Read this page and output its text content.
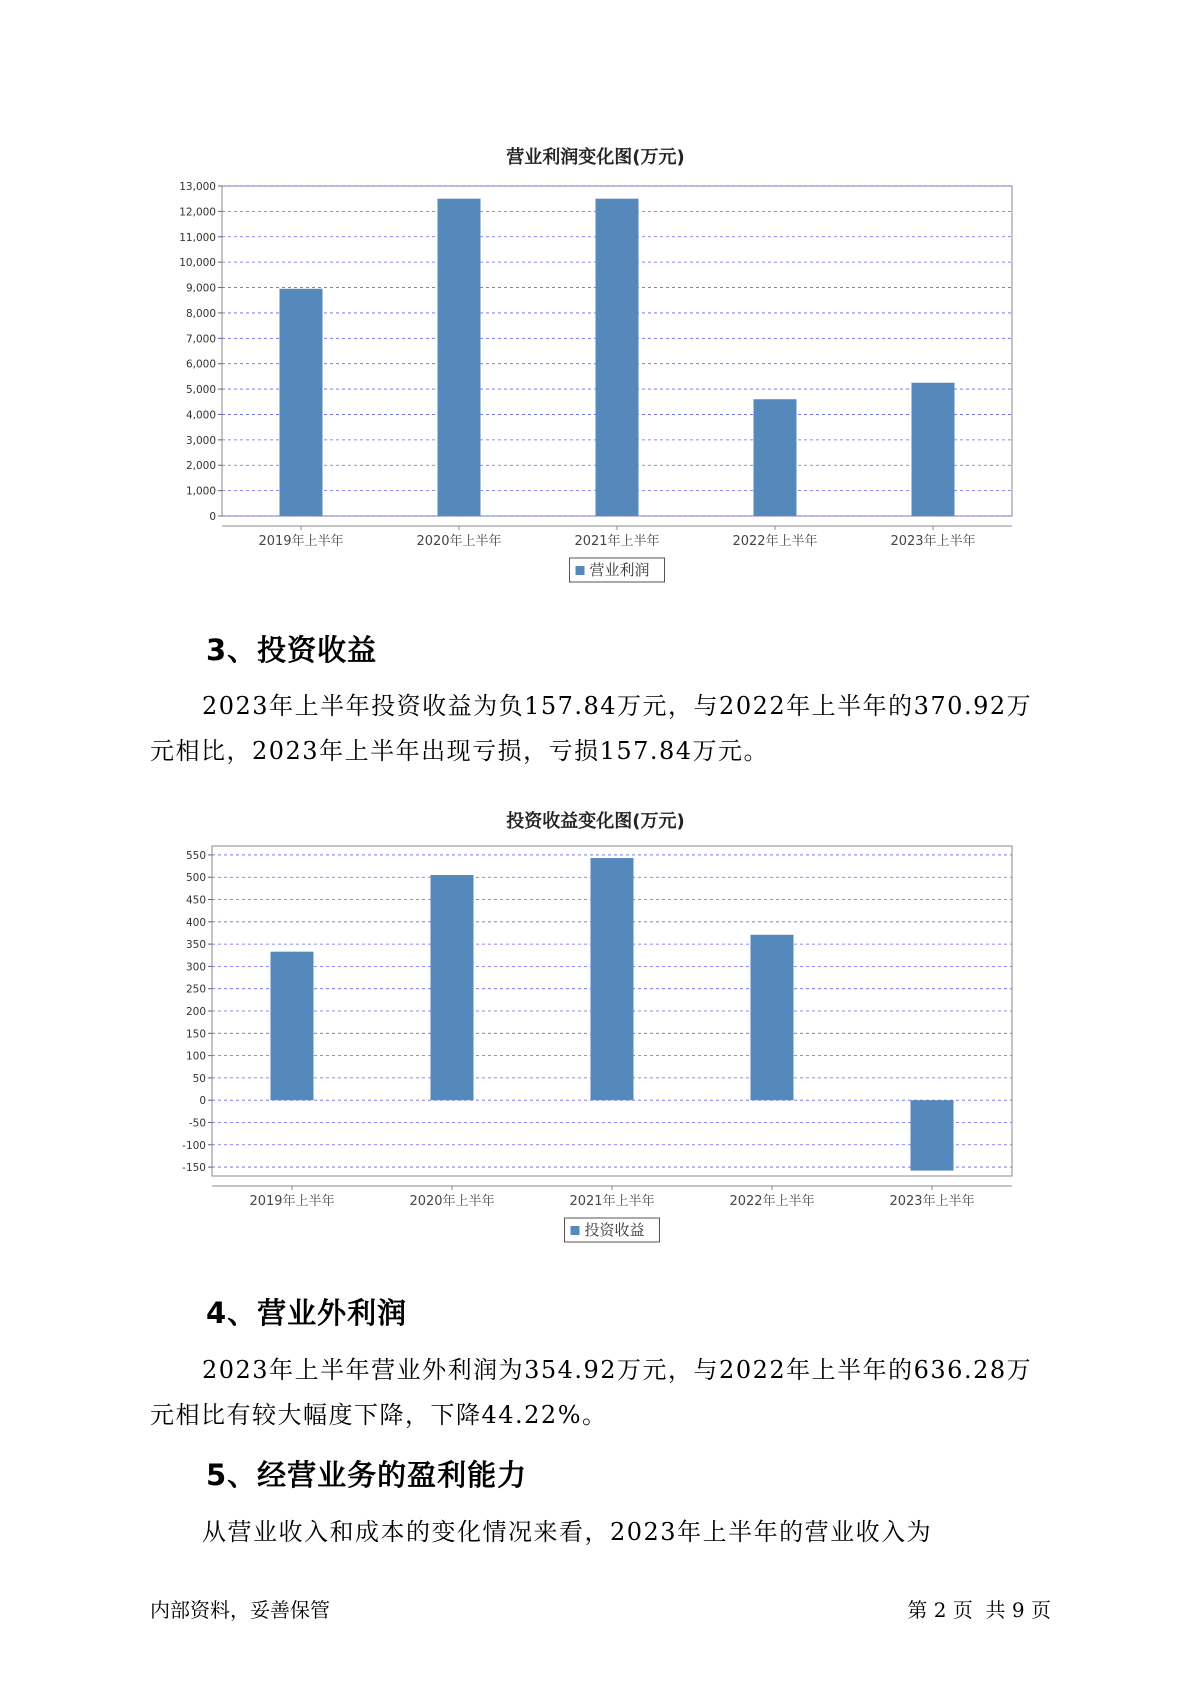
营业利润变化图(万元)
0
1,000
2,000
3,000
4,000
5,000
6,000
7,000
8,000
9,000
10,000
11,000
12,000
13,000
2019年上半年	2020年上半年	2021年上半年	2022年上半年	2023年上半年
营业利润
3、投资收益
2023年上半年投资收益为负157.84万元，与2022年上半年的370.92万
元相比，2023年上半年出现亏损，亏损157.84万元。
投资收益变化图(万元)
-150
-100
-50
0
50
100
150
200
250
300
350
400
450
500
550
2019年上半年	2020年上半年	2021年上半年	2022年上半年	2023年上半年
投资收益
4、营业外利润
2023年上半年营业外利润为354.92万元，与2022年上半年的636.28万
元相比有较大幅度下降，下降44.22%。
5、经营业务的盈利能力
从营业收入和成本的变化情况来看，2023年上半年的营业收入为
内部资料，妥善保管	第 2 页  共 9 页
